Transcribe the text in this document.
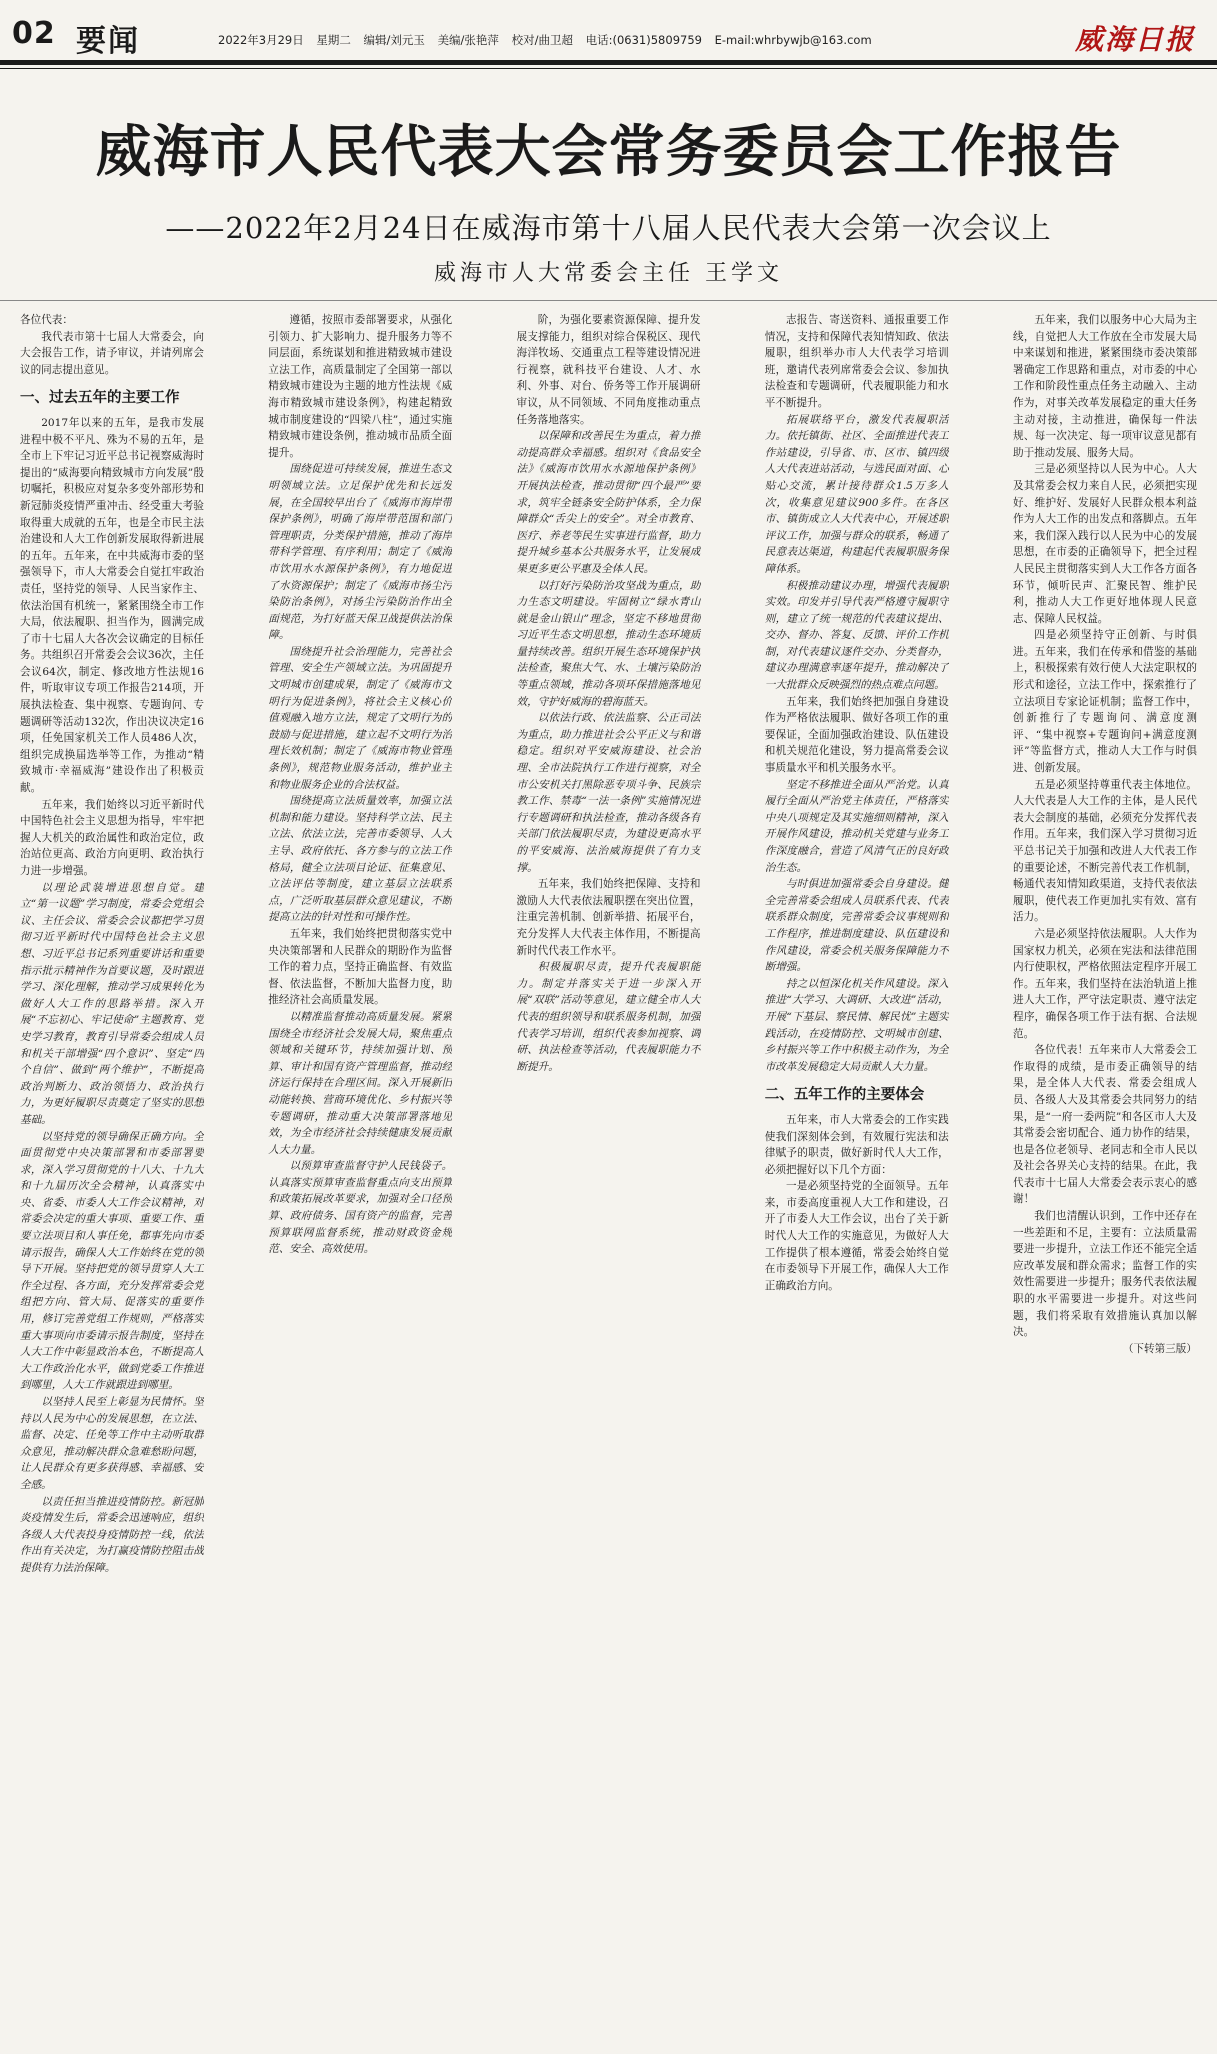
02 要闻	2022年3月29日 星期二 编辑/刘元玉 美编/张艳萍 校对/曲卫超 电话:(0631)5809759 E-mail:whrbywjb@163.com	威海日报
威海市人民代表大会常务委员会工作报告
——2022年2月24日在威海市第十八届人民代表大会第一次会议上
威海市人大常委会主任 王学文

各位代表：

我代表市第十七届人大常委会，向大会报告工作，请予审议，并请列席会议的同志提出意见。

一、过去五年的主要工作

2017年以来的五年，是我市发展进程中极不平凡、殊为不易的五年，是全市上下牢记习近平总书记视察威海时提出的“威海要向精致城市方向发展”殷切嘱托，积极应对复杂多变外部形势和新冠肺炎疫情严重冲击、经受重大考验取得重大成就的五年，也是全市民主法治建设和人大工作创新发展取得新进展的五年。五年来，在中共威海市委的坚强领导下，市人大常委会自觉扛牢政治责任，坚持党的领导、人民当家作主、依法治国有机统一，紧紧围绕全市工作大局，依法履职、担当作为，圆满完成了市十七届人大各次会议确定的目标任务。共组织召开常委会会议36次，主任会议64次，制定、修改地方性法规16件，听取审议专项工作报告214项，开展执法检查、集中视察、专题询问、专题调研等活动132次，作出决议决定16项，任免国家机关工作人员486人次，组织完成换届选举等工作，为推动“精致城市·幸福威海”建设作出了积极贡献。

五年来，我们始终以习近平新时代中国特色社会主义思想为指导，牢牢把握人大机关的政治属性和政治定位，政治站位更高、政治方向更明、政治执行力进一步增强。

以理论武装增进思想自觉。建立“第一议题”学习制度，常委会党组会议、主任会议、常委会会议都把学习贯彻习近平新时代中国特色社会主义思想、习近平总书记系列重要讲话和重要指示批示精神作为首要议题，及时跟进学习、深化理解，推动学习成果转化为做好人大工作的思路举措。深入开展“不忘初心、牢记使命”主题教育、党史学习教育，教育引导常委会组成人员和机关干部增强“四个意识”、坚定“四个自信”、做到“两个维护”，不断提高政治判断力、政治领悟力、政治执行力，为更好履职尽责奠定了坚实的思想基础。

以坚持党的领导确保正确方向。全面贯彻党中央决策部署和市委部署要求，深入学习贯彻党的十八大、十九大和十九届历次全会精神，认真落实中央、省委、市委人大工作会议精神，对常委会决定的重大事项、重要工作、重要立法项目和人事任免，都事先向市委请示报告，确保人大工作始终在党的领导下开展。坚持把党的领导贯穿人大工作全过程、各方面，充分发挥常委会党组把方向、管大局、促落实的重要作用，修订完善党组工作规则，严格落实重大事项向市委请示报告制度，坚持在人大工作中彰显政治本色，不断提高人大工作政治化水平，做到党委工作推进到哪里，人大工作就跟进到哪里。

以坚持人民至上彰显为民情怀。坚持以人民为中心的发展思想，在立法、监督、决定、任免等工作中主动听取群众意见，推动解决群众急难愁盼问题，让人民群众有更多获得感、幸福感、安全感。

以责任担当推进疫情防控。新冠肺炎疫情发生后，常委会迅速响应，组织各级人大代表投身疫情防控一线，依法作出有关决定，为打赢疫情防控阻击战提供有力法治保障。

遵循，按照市委部署要求，从强化引领力、扩大影响力、提升服务力等不同层面，系统谋划和推进精致城市建设立法工作，高质量制定了全国第一部以精致城市建设为主题的地方性法规《威海市精致城市建设条例》，构建起精致城市制度建设的“四梁八柱”，通过实施精致城市建设条例，推动城市品质全面提升。

围绕促进可持续发展，推进生态文明领域立法。立足保护优先和长远发展，在全国较早出台了《威海市海岸带保护条例》，明确了海岸带范围和部门管理职责，分类保护措施，推动了海岸带科学管理、有序利用；制定了《威海市饮用水水源保护条例》，有力地促进了水资源保护；制定了《威海市扬尘污染防治条例》，对扬尘污染防治作出全面规范，为打好蓝天保卫战提供法治保障。

围绕提升社会治理能力，完善社会管理、安全生产领域立法。为巩固提升文明城市创建成果，制定了《威海市文明行为促进条例》，将社会主义核心价值观融入地方立法，规定了文明行为的鼓励与促进措施，建立起不文明行为治理长效机制；制定了《威海市物业管理条例》，规范物业服务活动，维护业主和物业服务企业的合法权益。

围绕提高立法质量效率，加强立法机制和能力建设。坚持科学立法、民主立法、依法立法，完善市委领导、人大主导、政府依托、各方参与的立法工作格局，健全立法项目论证、征集意见、立法评估等制度，建立基层立法联系点，广泛听取基层群众意见建议，不断提高立法的针对性和可操作性。

五年来，我们始终把贯彻落实党中央决策部署和人民群众的期盼作为监督工作的着力点，坚持正确监督、有效监督、依法监督，不断加大监督力度，助推经济社会高质量发展。

以精准监督推动高质量发展。紧紧围绕全市经济社会发展大局，聚焦重点领域和关键环节，持续加强计划、预算、审计和国有资产管理监督，推动经济运行保持在合理区间。深入开展新旧动能转换、营商环境优化、乡村振兴等专题调研，推动重大决策部署落地见效，为全市经济社会持续健康发展贡献人大力量。

以预算审查监督守护人民钱袋子。认真落实预算审查监督重点向支出预算和政策拓展改革要求，加强对全口径预算、政府债务、国有资产的监督，完善预算联网监督系统，推动财政资金规范、安全、高效使用。

阶，为强化要素资源保障、提升发展支撑能力，组织对综合保税区、现代海洋牧场、交通重点工程等建设情况进行视察，就科技平台建设、人才、水利、外事、对台、侨务等工作开展调研审议，从不同领域、不同角度推动重点任务落地落实。

以保障和改善民生为重点，着力推动提高群众幸福感。组织对《食品安全法》《威海市饮用水水源地保护条例》开展执法检查，推动贯彻“四个最严”要求，筑牢全链条安全防护体系，全力保障群众“舌尖上的安全”。对全市教育、医疗、养老等民生实事进行监督，助力提升城乡基本公共服务水平，让发展成果更多更公平惠及全体人民。

以打好污染防治攻坚战为重点，助力生态文明建设。牢固树立“绿水青山就是金山银山”理念，坚定不移地贯彻习近平生态文明思想，推动生态环境质量持续改善。组织开展生态环境保护执法检查，聚焦大气、水、土壤污染防治等重点领域，推动各项环保措施落地见效，守护好威海的碧海蓝天。

以依法行政、依法监察、公正司法为重点，助力推进社会公平正义与和谐稳定。组织对平安威海建设、社会治理、全市法院执行工作进行视察，对全市公安机关打黑除恶专项斗争、民族宗教工作、禁毒“一法一条例”实施情况进行专题调研和执法检查，推动各级各有关部门依法履职尽责，为建设更高水平的平安威海、法治威海提供了有力支撑。

五年来，我们始终把保障、支持和激励人大代表依法履职摆在突出位置，注重完善机制、创新举措、拓展平台，充分发挥人大代表主体作用，不断提高新时代代表工作水平。

积极履职尽责，提升代表履职能力。制定并落实关于进一步深入开展“双联”活动等意见，建立健全市人大代表的组织领导和联系服务机制，加强代表学习培训，组织代表参加视察、调研、执法检查等活动，代表履职能力不断提升。

志报告、寄送资料、通报重要工作情况，支持和保障代表知情知政、依法履职，组织举办市人大代表学习培训班，邀请代表列席常委会会议、参加执法检查和专题调研，代表履职能力和水平不断提升。

拓展联络平台，激发代表履职活力。依托镇街、社区、全面推进代表工作站建设，引导省、市、区市、镇四级人大代表进站活动，与选民面对面、心贴心交流，累计接待群众1.5万多人次，收集意见建议900多件。在各区市、镇街成立人大代表中心，开展述职评议工作，加强与群众的联系，畅通了民意表达渠道，构建起代表履职服务保障体系。

积极推动建议办理，增强代表履职实效。印发并引导代表严格遵守履职守则，建立了统一规范的代表建议提出、交办、督办、答复、反馈、评价工作机制，对代表建议逐件交办、分类督办，建议办理满意率逐年提升，推动解决了一大批群众反映强烈的热点难点问题。

五年来，我们始终把加强自身建设作为严格依法履职、做好各项工作的重要保证，全面加强政治建设、队伍建设和机关规范化建设，努力提高常委会议事质量水平和机关服务水平。

坚定不移推进全面从严治党。认真履行全面从严治党主体责任，严格落实中央八项规定及其实施细则精神，深入开展作风建设，推动机关党建与业务工作深度融合，营造了风清气正的良好政治生态。

与时俱进加强常委会自身建设。健全完善常委会组成人员联系代表、代表联系群众制度，完善常委会议事规则和工作程序，推进制度建设、队伍建设和作风建设，常委会机关服务保障能力不断增强。

持之以恒深化机关作风建设。深入推进“大学习、大调研、大改进”活动，开展“下基层、察民情、解民忧”主题实践活动，在疫情防控、文明城市创建、乡村振兴等工作中积极主动作为，为全市改革发展稳定大局贡献人大力量。

二、五年工作的主要体会

五年来，市人大常委会的工作实践使我们深刻体会到，有效履行宪法和法律赋予的职责，做好新时代人大工作，必须把握好以下几个方面：

一是必须坚持党的全面领导。五年来，市委高度重视人大工作和建设，召开了市委人大工作会议，出台了关于新时代人大工作的实施意见，为做好人大工作提供了根本遵循，常委会始终自觉在市委领导下开展工作，确保人大工作正确政治方向。

五年来，我们以服务中心大局为主线，自觉把人大工作放在全市发展大局中来谋划和推进，紧紧围绕市委决策部署确定工作思路和重点，对市委的中心工作和阶段性重点任务主动融入、主动作为，对事关改革发展稳定的重大任务主动对接，主动推进，确保每一件法规、每一次决定、每一项审议意见都有助于推动发展、服务大局。

三是必须坚持以人民为中心。人大及其常委会权力来自人民，必须把实现好、维护好、发展好人民群众根本利益作为人大工作的出发点和落脚点。五年来，我们深入践行以人民为中心的发展思想，在市委的正确领导下，把全过程人民民主贯彻落实到人大工作各方面各环节，倾听民声、汇聚民智、维护民利，推动人大工作更好地体现人民意志、保障人民权益。

四是必须坚持守正创新、与时俱进。五年来，我们在传承和借鉴的基础上，积极探索有效行使人大法定职权的形式和途径，立法工作中，探索推行了立法项目专家论证机制；监督工作中，创新推行了专题询问、满意度测评、“集中视察+专题询问+满意度测评”等监督方式，推动人大工作与时俱进、创新发展。

五是必须坚持尊重代表主体地位。人大代表是人大工作的主体，是人民代表大会制度的基础，必须充分发挥代表作用。五年来，我们深入学习贯彻习近平总书记关于加强和改进人大代表工作的重要论述，不断完善代表工作机制，畅通代表知情知政渠道，支持代表依法履职，使代表工作更加扎实有效、富有活力。

六是必须坚持依法履职。人大作为国家权力机关，必须在宪法和法律范围内行使职权，严格依照法定程序开展工作。五年来，我们坚持在法治轨道上推进人大工作，严守法定职责、遵守法定程序，确保各项工作于法有据、合法规范。

各位代表！五年来市人大常委会工作取得的成绩，是市委正确领导的结果，是全体人大代表、常委会组成人员、各级人大及其常委会共同努力的结果，是“一府一委两院”和各区市人大及其常委会密切配合、通力协作的结果，也是各位老领导、老同志和全市人民以及社会各界关心支持的结果。在此，我代表市十七届人大常委会表示衷心的感谢！

我们也清醒认识到，工作中还存在一些差距和不足，主要有：立法质量需要进一步提升，立法工作还不能完全适应改革发展和群众需求；监督工作的实效性需要进一步提升；服务代表依法履职的水平需要进一步提升。对这些问题，我们将采取有效措施认真加以解决。

（下转第三版）
